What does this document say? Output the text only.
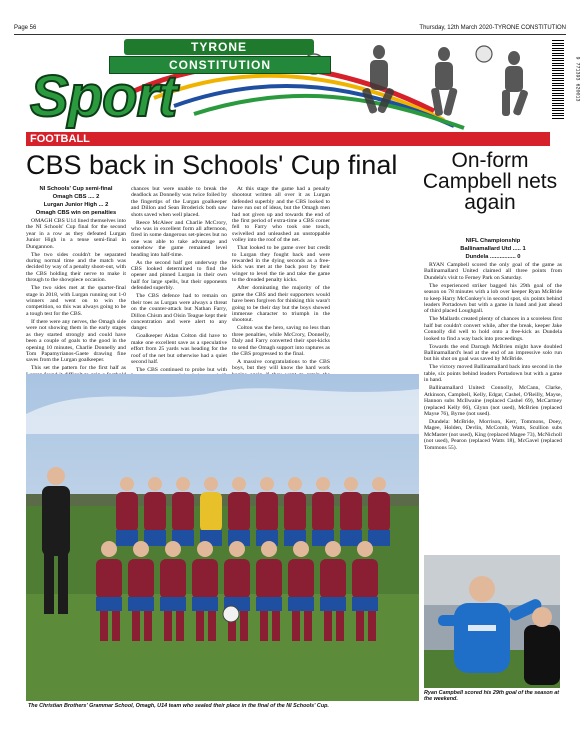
Page 56	Thursday, 12th March 2020-TYRONE CONSTITUTION
TYRONE
CONSTITUTION
Sport	9 771393 620013
FOOTBALL
CBS back in Schools' Cup final	On-form Campbell nets again

NI Schools' Cup semi-final

Omagh CBS .... 2

Lurgan Junior High ... 2

Omagh CBS win on penalties

OMAGH CBS U14 lined themselves into the NI Schools' Cup final for the second year in a row as they defeated Lurgan Junior High in a tense semi-final in Dungannon.

The two sides couldn't be separated during normal time and the match was decided by way of a penalty shoot-out, with the CBS holding their nerve to make it through to the showpiece occasion.

The two sides met at the quarter-final stage in 2018, with Lurgan running out 1-0 winners and went on to win the competition, so this was always going to be a tough test for the CBS.

If there were any nerves, the Omagh side were not showing them in the early stages as they started strongly and could have been a couple of goals to the good in the opening 10 minutes, Charlie Donnelly and Tom Papamyrianos-Gaete drawing fine saves from the Lurgan goalkeeper.

This set the pattern for the first half as

chances but were unable to break the deadlock as Donnelly was twice foiled by the fingertips of the Lurgan goalkeeper and Dillon and Sean Broderick both saw shots saved when well placed.

Reece McAleer and Charlie McCrory, who was in excellent form all afternoon, fired in some dangerous set-pieces but no one was able to take advantage and somehow the game remained level heading into half-time.

As the second half got underway the CBS looked determined to find the opener and pinned Lurgan in their own half for large spells, but their opponents defended superbly.

The CBS defence had to remain on their toes as Lurgan were always a threat on the counter-attack but Nathan Farry, Dillon Chism and Oisin Teague kept their concentration and were alert to any danger.

Goalkeeper Aidan Colton did have to make one excellent save as a speculative effort from 25 yards was heading for the roof of the net but otherwise had a quiet second half.

The CBS continued to probe but with

At this stage the game had a penalty shootout written all over it as Lurgan defended superbly and the CBS looked to have run out of ideas, but the Omagh men had not given up and towards the end of the first period of extra-time a CBS corner fell to Farry who took one touch, swivelled and unleashed an unstoppable volley into the roof of the net.

That looked to be game over but credit to Lurgan they fought back and were rewarded in the dying seconds as a free-kick was met at the back post by their winger to level the tie and take the game to the dreaded penalty kicks.

After dominating the majority of the game the CBS and their supporters would have been forgiven for thinking this wasn't going to be their day but the boys showed immense character to triumph in the shootout.

Colton was the hero, saving no less than three penalties, while McCrory, Donnelly, Daly and Farry converted their spot-kicks to send the Omagh support into raptures as the CBS progressed to the final.

A massive congratulations to the CBS boys, but they will know the hard work

NIFL Championship

Ballinamallard Utd ..... 1

Dundela ................ 0

RYAN Campbell scored the only goal of the game as Ballinamallard United claimed all three points from Dundela's visit to Ferney Park on Saturday.

The experienced striker bagged his 29th goal of the season on 78 minutes with a lob over keeper Ryan McBride to keep Harry McConkey's in second spot, six points behind leaders Portadown but with a game in hand and just ahead of third placed Loughgall.

The Mallards created plenty of chances in a scoreless first half but couldn't convert while, after the break, keeper Jake Connolly did well to hold onto a free-kick as Dundela looked to find a way back into proceedings.

Towards the end Darragh McBrien might have doubled Ballinamallard's lead at the end of an impressive solo run but his shot on goal was saved by McBride.

The victory moved Ballinamallard back into second in the table, six points behind leaders Portadown but with a game in hand.

Ballinamallard United: Connolly, McCann, Clarke, Atkinson, Campbell, Kelly, Edgar, Cashel, O'Reilly, Mayse, Hannon subs McIlwaine (replaced Cashel 69), McCartney (replaced Kelly 66), Glynn (not used), McBrien (replaced Mayse 76), Byrne (not used).

Dundela: McBride, Morrison, Kerr, Tommons, Doey, Magee, Holden, Devlin, McComb, Watts, Scullion subs McMaster (not used), King (replaced Magee 73), McNicholl (not used), Pearon (replaced Watts 18), McGavel (replaced Tommons 55).

The Christian Brothers' Grammar School, Omagh, U14 team who sealed their place in the final of the NI Schools' Cup.
Ryan Campbell scored his 29th goal of the season at the weekend.
